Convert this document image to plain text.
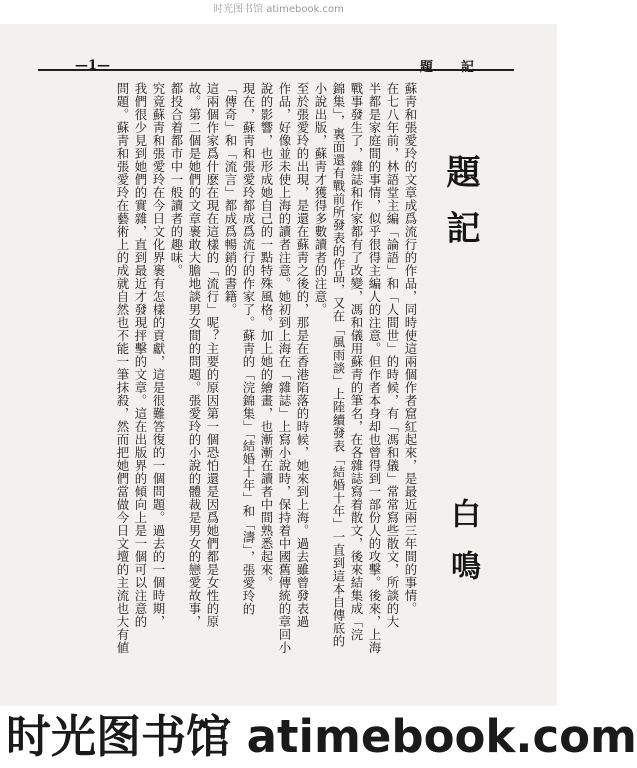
时光图书馆 atimebook.com
—1—	題記
題記
白鳴
蘇靑和張愛玲的文章成爲流行的作品，同時使這兩個作者窟紅起來，是最近兩三年間的事情。
在七八年前，林語堂主編「論語」和「人間世」的時候，有「馮和儀」常常寫些散文，所談的大
半都是家庭間的事情，似乎很得主編人的注意。但作者本身却也曾得到一部份人的攻擊。後來，上海
戰事發生了，雜誌和作家都有了改變，馮和儀用蘇靑的筆名，在各雜誌寫着散文，後來結集成「浣
錦集」，裏面還有戰前所發表的作品，又在「風雨談」上陸續發表「結婚十年」一直到這本自傳底的
小說出版，蘇靑才獲得多數讀者的注意。
至於張愛玲的出現，是還在蘇靑之後的，那是在香港陷落的時候，她來到上海。過去雖曾發表過
作品，好像並未使上海的讀者注意。她初到上海在「雜誌」上寫小說時，保持着中國舊傳統的章回小
說的影響，也形成她自己的一點特殊風格。加上她的繪畫，也漸漸在讀者中間熟悉起來。
現在，蘇靑和張愛玲都成爲流行的作家了。蘇靑的「浣錦集」「結婚十年」和「濤」，張愛玲的
「傳奇」和「流言」都成爲暢銷的書籍。
這兩個作家爲什麽在現在這樣的「流行」呢？主要的原因第一個恐怕還是因爲她們都是女性的原
故。第二個是她們的文章裹敢大膽地談男女間的問題。張愛玲的小說的體裁是男女的戀愛故事，
都投合着都市中一般讀者的趣味。
究竟蘇靑和張愛玲在今日文化界裹有怎樣的貢獻，這是很難答復的一個問題。過去的一個時期，
我們很少見到她們的實雜，直到最近才發現抨擊的文章。這在出版界的傾向上是一個可以注意的
問題。蘇靑和張愛玲在藝術上的成就自然也不能一筆抹殺，然而把她們當做今日文壇的主流也大有値
时光图书馆 atimebook.com
